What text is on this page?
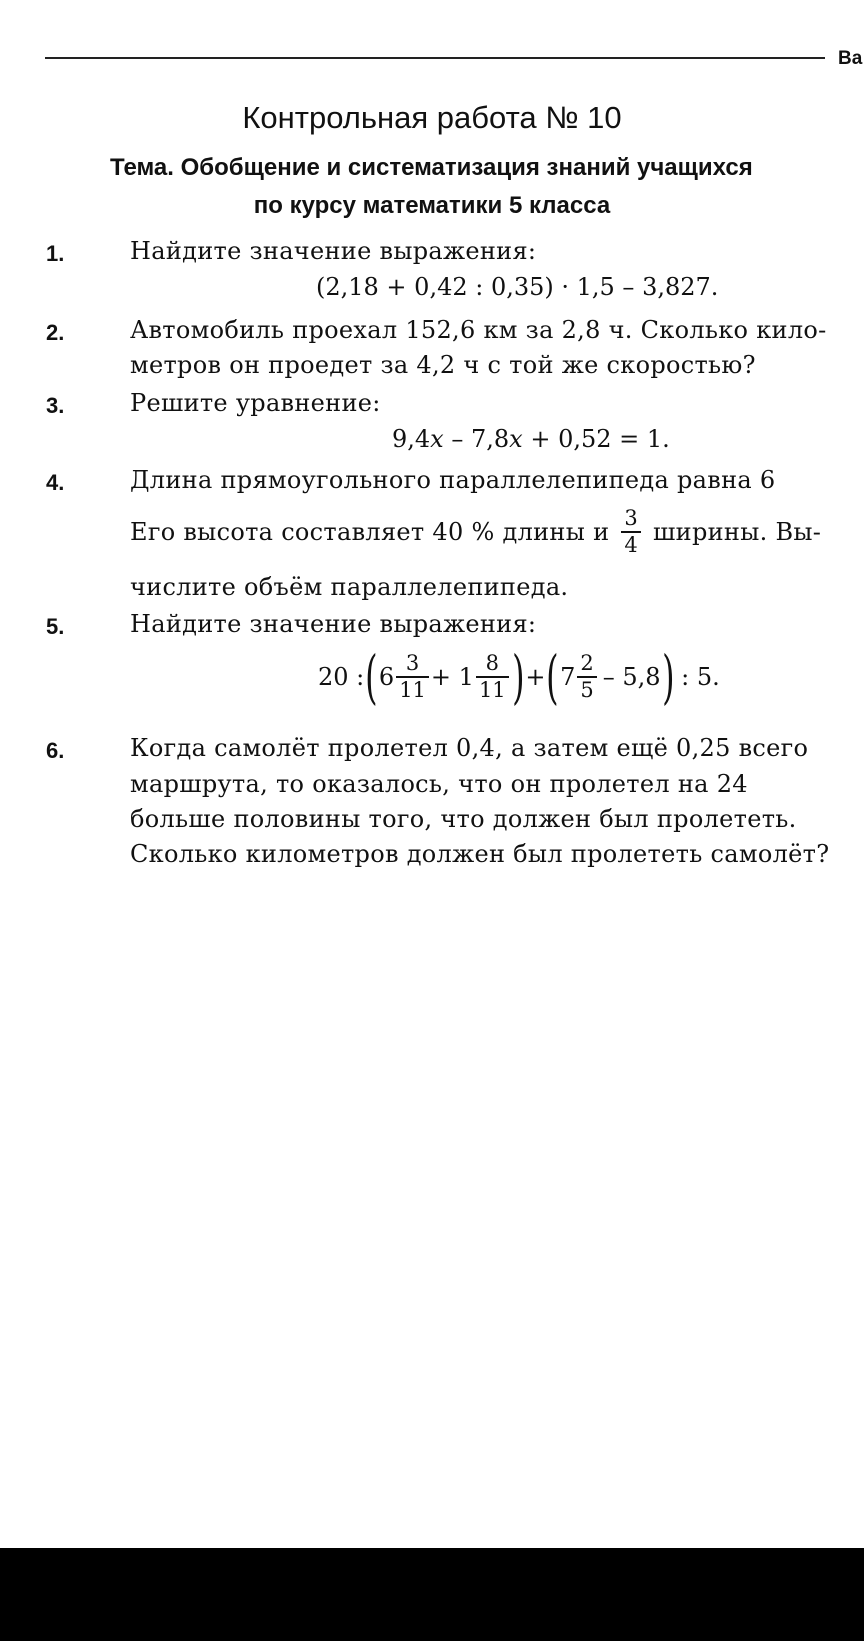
Ва
Контрольная работа № 10
Тема. Обобщение и систематизация знаний учащихся
по курсу математики 5 класса
1.	Найдите значение выражения:
(2,18 + 0,42 : 0,35) · 1,5 – 3,827.
2.	Автомобиль проехал 152,6 км за 2,8 ч. Сколько кило-
метров он проедет за 4,2 ч с той же скоростью?
3.	Решите уравнение:
9,4x – 7,8x + 0,52 = 1.
4.	Длина прямоугольного параллелепипеда равна 6
Его высота составляет 40 % длины и $\frac{3}{4}$ ширины. Вы-
числите объём параллелепипеда.
5.	Найдите значение выражения:
20 : ( $6 \frac{3}{11} + 1 \frac{8}{11}$ ) + ( $7 \frac{2}{5} - 5,8$ ) : 5.
6.	Когда самолёт пролетел 0,4, а затем ещё 0,25 всего
маршрута, то оказалось, что он пролетел на 24
больше половины того, что должен был пролететь.
Сколько километров должен был пролететь самолёт?
